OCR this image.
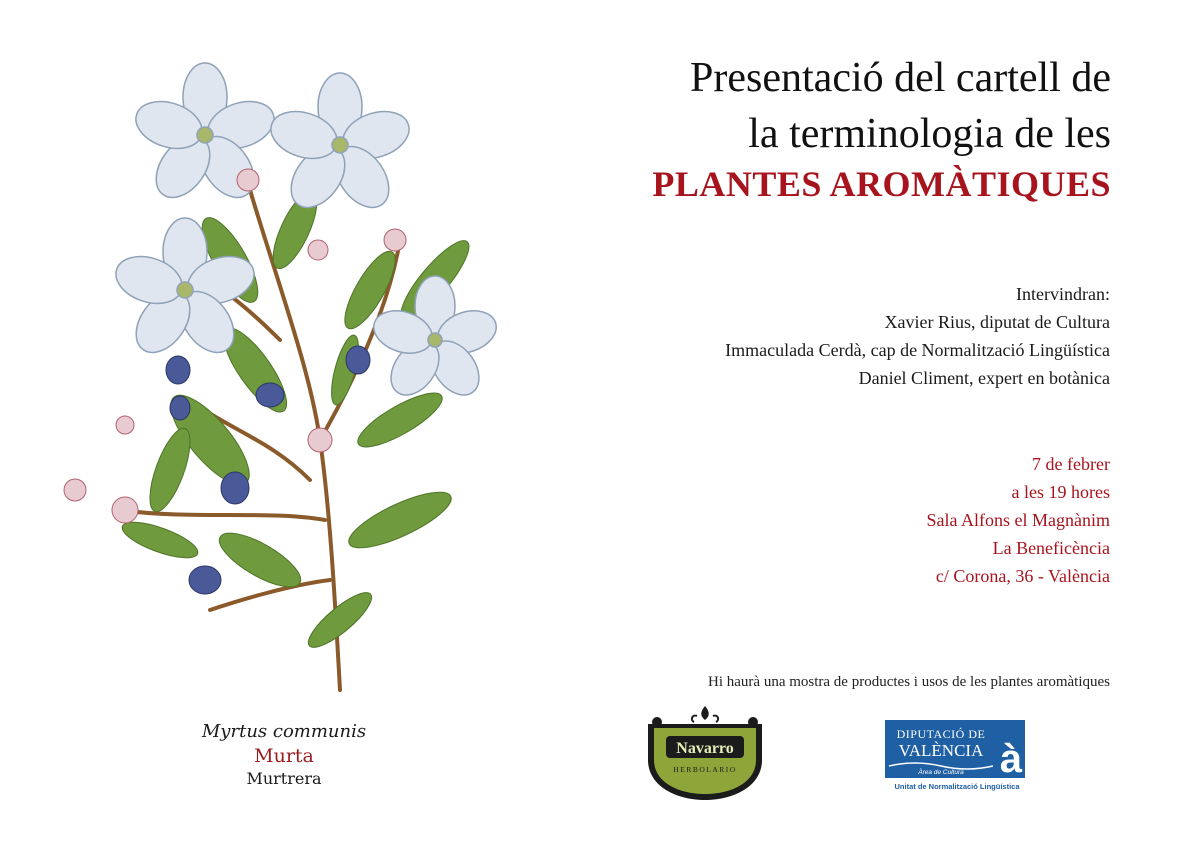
Myrtus communis
Murta
Murtrera
Presentació del cartell de
la terminologia de les
PLANTES AROMÀTIQUES
Intervindran:
Xavier Rius, diputat de Cultura
Immaculada Cerdà, cap de Normalització Lingüística
Daniel Climent, expert en botànica
7 de febrer
a les 19 hores
Sala Alfons el Magnànim
La Beneficència
c/ Corona, 36 - València
Hi haurà una mostra de productes i usos de les plantes aromàtiques
Navarro
HERBOLARIO
DIPUTACIÓ DE
VALÈNCIA
Àrea de Cultura à
Unitat de Normalització Lingüística
